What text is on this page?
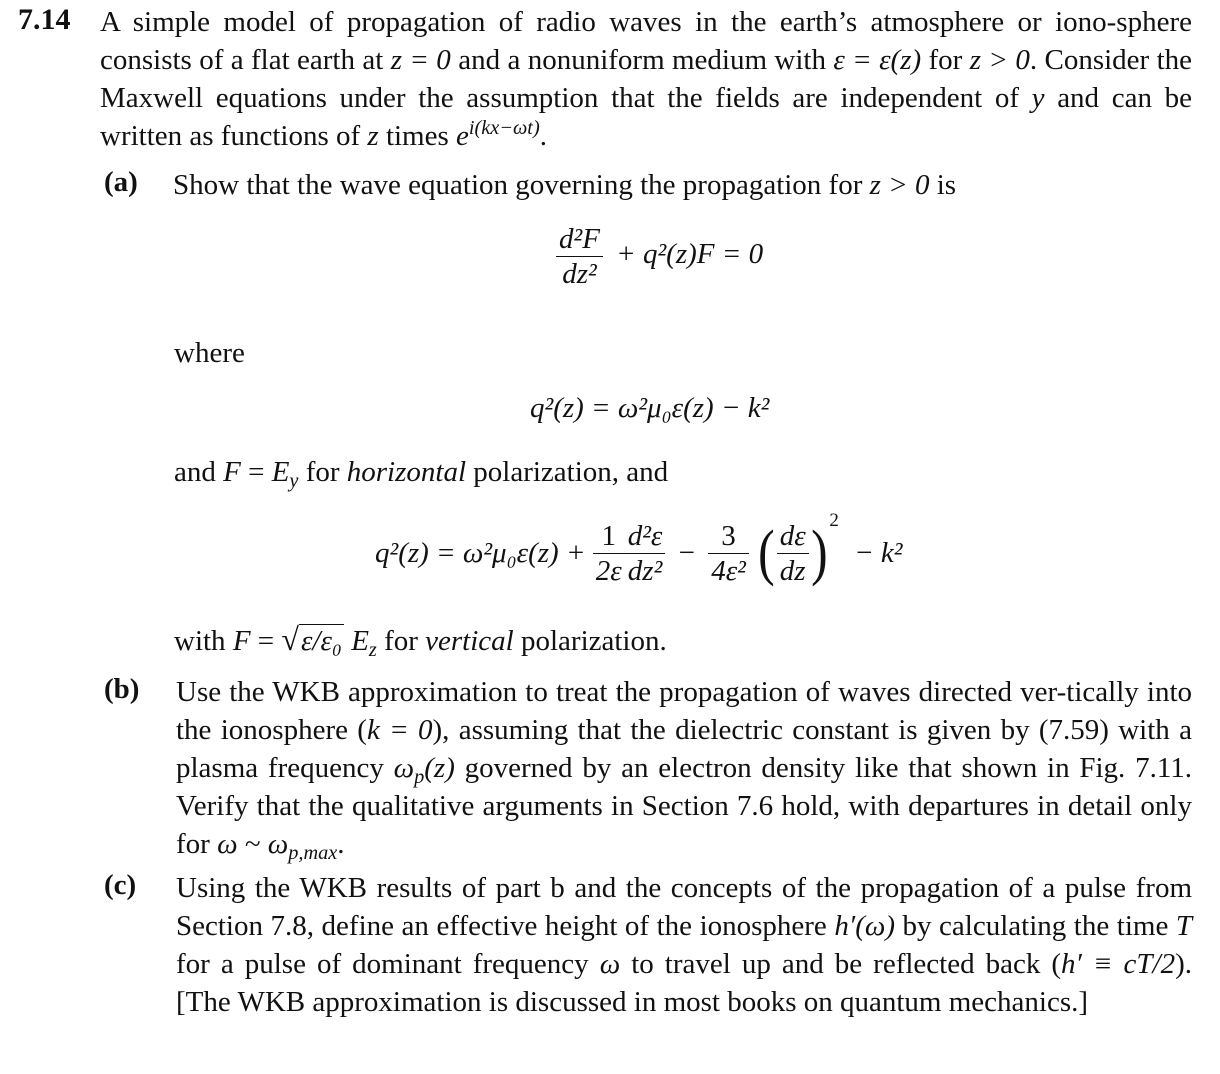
7.14 A simple model of propagation of radio waves in the earth’s atmosphere or iono-sphere consists of a flat earth at z = 0 and a nonuniform medium with ε = ε(z) for z > 0. Consider the Maxwell equations under the assumption that the fields are independent of y and can be written as functions of z times $e^{i(kx-\omega t)}$.
(a) Show that the wave equation governing the propagation for z > 0 is
$\frac{\text{d²F}}{\text{dz²}} + q^2(z)F = 0$
where
q²(z) = ω²μ₀ε(z) − k²
and $F = E_y$ for horizontal polarization, and
$q^2(z) = \omega^2\mu_0\varepsilon(z) + \frac{1}{2\varepsilon} \frac{\text{d²ε}}{\text{dz²}} - \frac{3}{\text{4ε²}}$ ( $\frac{d\varepsilon}{dz}$ ) $^2$ − k²
with F = √ε/ε₀ $E_z$ for vertical polarization.
(b) Use the WKB approximation to treat the propagation of waves directed ver-tically into the ionosphere (k = 0), assuming that the dielectric constant is given by (7.59) with a plasma frequency $\omega_p(z)$ governed by an electron density like that shown in Fig. 7.11. Verify that the qualitative arguments in Section 7.6 hold, with departures in detail only for ω ~ $\omega_{p,max}$.
(c) Using the WKB results of part b and the concepts of the propagation of a pulse from Section 7.8, define an effective height of the ionosphere h′(ω) by calculating the time T for a pulse of dominant frequency ω to travel up and be reflected back (h′ ≡ cT/2). [The WKB approximation is discussed in most books on quantum mechanics.]
